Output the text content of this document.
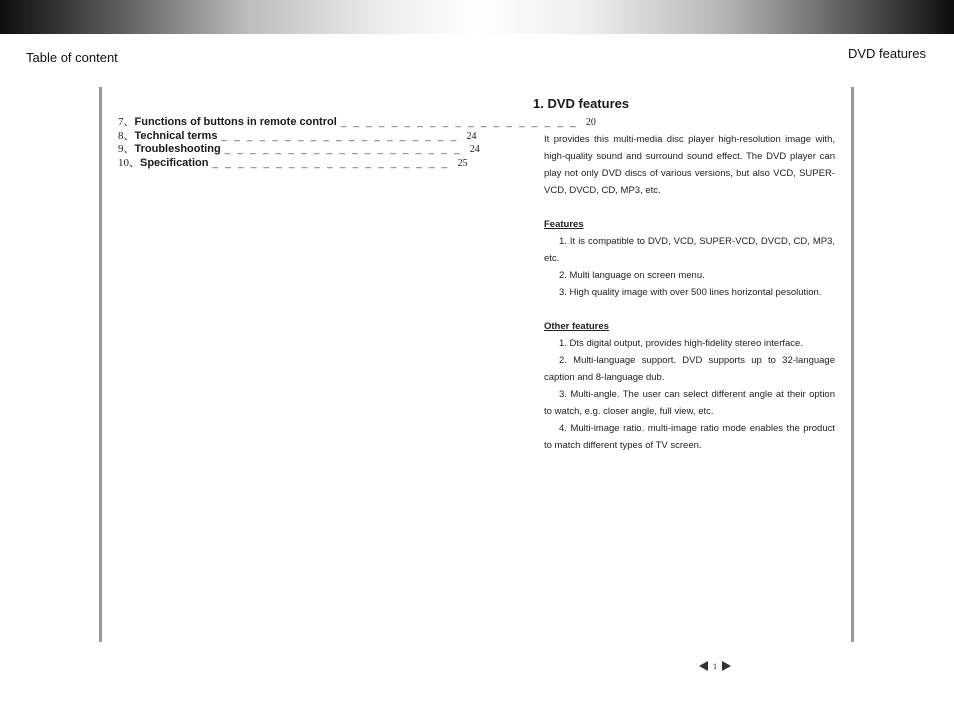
Table of content	DVD features
7、 Functions of buttons in remote control _ _ _ _ _ _ _ _ _ _ _ _ _ _ _ _ _ _ _ 20
8、 Technical terms _ _ _ _ _ _ _ _ _ _ _ _ _ _ _ _ _ _ _ 24
9、 Troubleshooting _ _ _ _ _ _ _ _ _ _ _ _ _ _ _ _ _ _ _ 24
10、 Specification _ _ _ _ _ _ _ _ _ _ _ _ _ _ _ _ _ _ _ 25
1. DVD features

It provides this multi-media disc player high-resolution image with, high-quality sound and surround sound effect. The DVD player can play not only DVD discs of various versions, but also VCD, SUPER-VCD, DVCD, CD, MP3, etc.

Features

1. It is compatible to DVD, VCD, SUPER-VCD, DVCD, CD, MP3, etc.

2. Multi language on screen menu.

3. High quality image with over 500 lines horizontal pesolution.

Other features

1. Dts digital output, provides high-fidelity stereo interface.

2. Multi-language support. DVD supports up to 32-language caption and 8-language dub.

3. Multi-angle. The user can select different angle at their option to watch, e.g. closer angle, full view, etc.

4. Multi-image ratio. multi-image ratio mode enables the product to match different types of TV screen.

1
